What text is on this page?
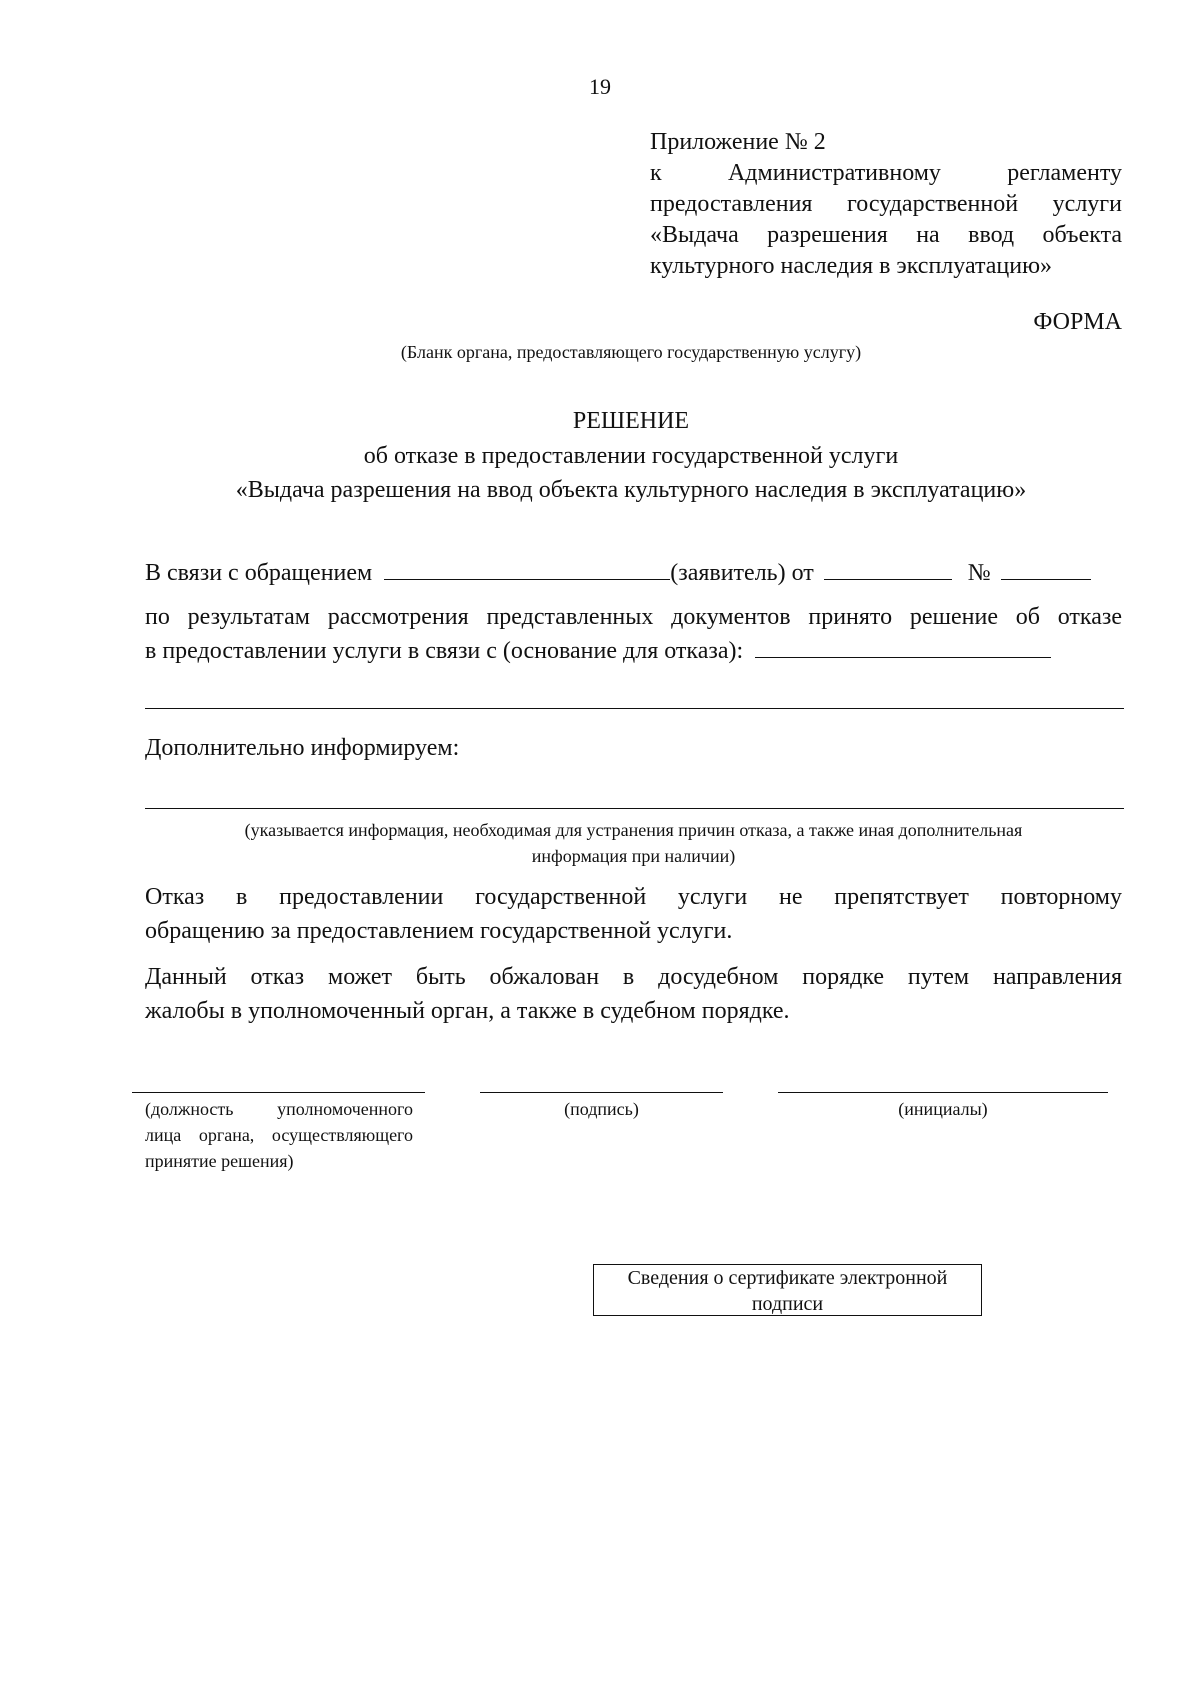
19
Приложение № 2
к Административному регламенту
предоставления государственной услуги
«Выдача разрешения на ввод объекта
культурного наследия в эксплуатацию»
ФОРМА
(Бланк органа, предоставляющего государственную услугу)
РЕШЕНИЕ
об отказе в предоставлении государственной услуги
«Выдача разрешения на ввод объекта культурного наследия в эксплуатацию»
В связи с обращением	(заявитель) от	№
по результатам рассмотрения представленных документов принято решение об отказе
в предоставлении услуги в связи с (основание для отказа):
Дополнительно информируем:
(указывается информация, необходимая для устранения причин отказа, а также иная дополнительная
информация при наличии)
Отказ в предоставлении государственной услуги не препятствует повторному
обращению за предоставлением государственной услуги.
Данный отказ может быть обжалован в досудебном порядке путем направления
жалобы в уполномоченный орган, а также в судебном порядке.
(должность уполномоченного лица органа, осуществляющего принятие решения)
(подпись)	(инициалы)
Сведения о сертификате электронной
подписи
